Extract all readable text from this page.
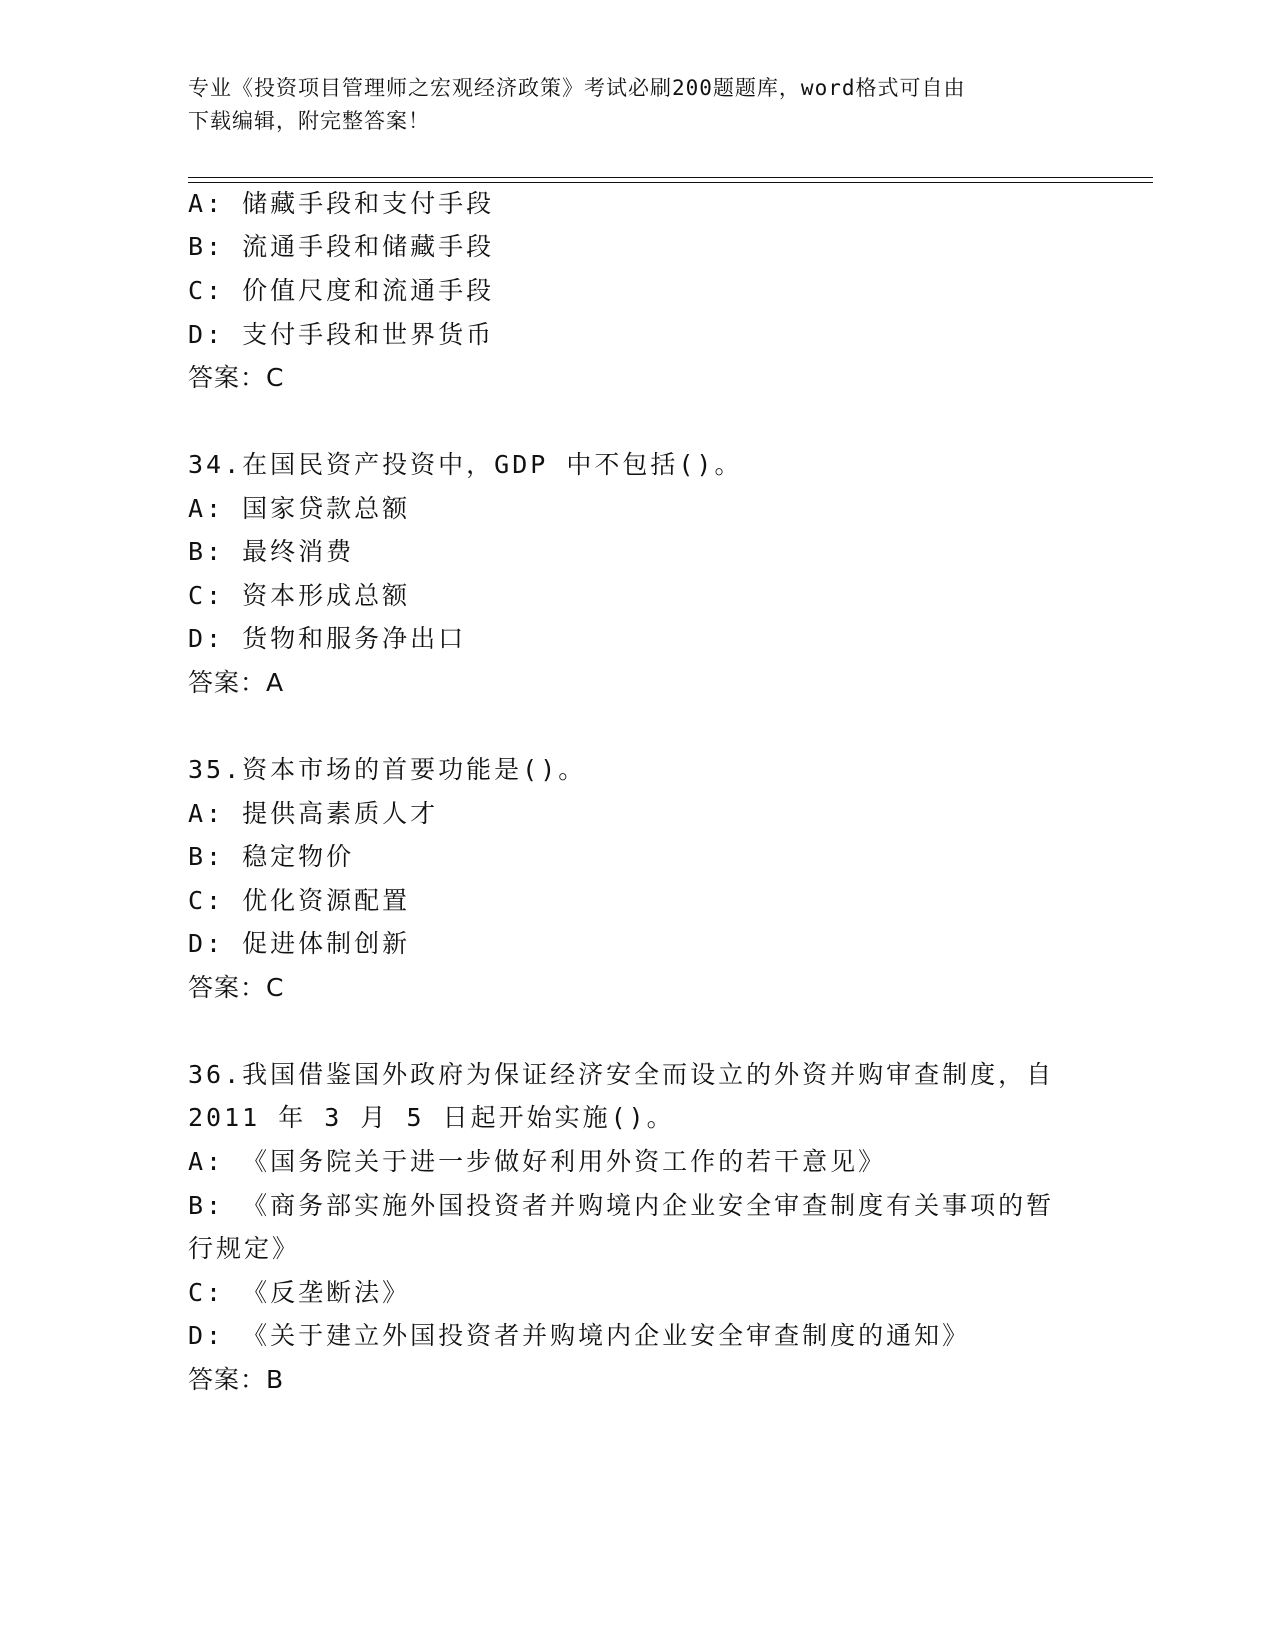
专业《投资项目管理师之宏观经济政策》考试必刷200题题库，word格式可自由
下载编辑，附完整答案！
A: 储藏手段和支付手段
B: 流通手段和储藏手段
C: 价值尺度和流通手段
D: 支付手段和世界货币
答案：C
34.在国民资产投资中，GDP 中不包括()。
A: 国家贷款总额
B: 最终消费
C: 资本形成总额
D: 货物和服务净出口
答案：A
35.资本市场的首要功能是()。
A: 提供高素质人才
B: 稳定物价
C: 优化资源配置
D: 促进体制创新
答案：C
36.我国借鉴国外政府为保证经济安全而设立的外资并购审查制度，自
2011 年 3 月 5 日起开始实施()。
A: 《国务院关于进一步做好利用外资工作的若干意见》
B: 《商务部实施外国投资者并购境内企业安全审查制度有关事项的暂
行规定》
C: 《反垄断法》
D: 《关于建立外国投资者并购境内企业安全审查制度的通知》
答案：B
